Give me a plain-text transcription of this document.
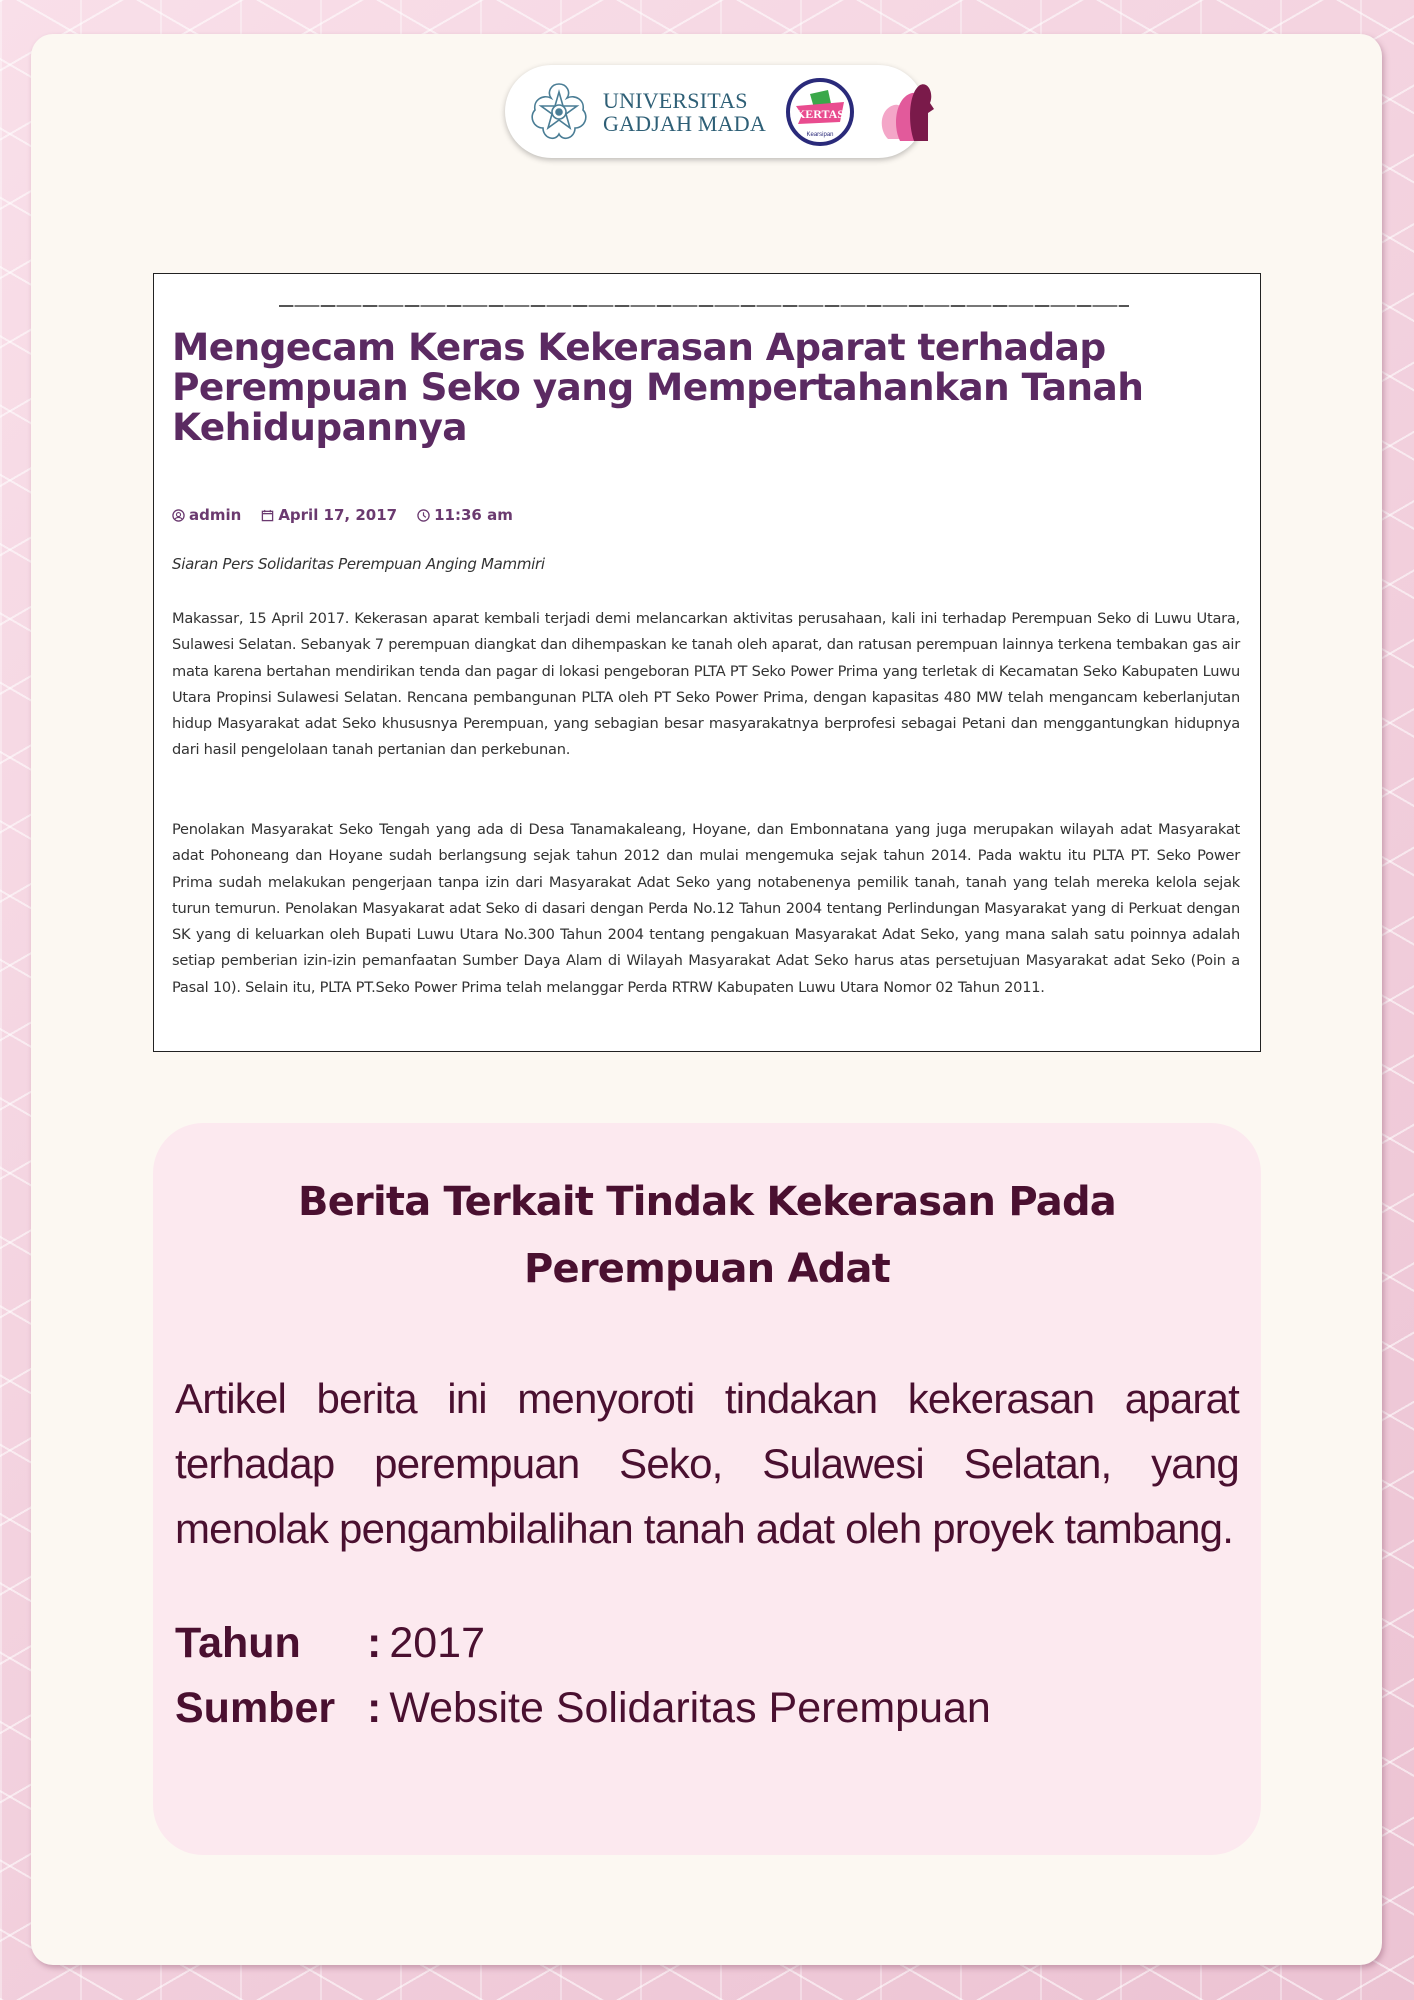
UNIVERSITAS
GADJAH MADA KERTAS
Kearsipan
Mengecam Keras Kekerasan Aparat terhadap Perempuan Seko yang Mempertahankan Tanah Kehidupannya
admin April 17, 2017 11:36 am

Siaran Pers Solidaritas Perempuan Anging Mammiri

Makassar, 15 April 2017. Kekerasan aparat kembali terjadi demi melancarkan aktivitas perusahaan, kali ini terhadap Perempuan Seko di Luwu Utara, Sulawesi Selatan. Sebanyak 7 perempuan diangkat dan dihempaskan ke tanah oleh aparat, dan ratusan perempuan lainnya terkena tembakan gas air mata karena bertahan mendirikan tenda dan pagar di lokasi pengeboran PLTA PT Seko Power Prima yang terletak di Kecamatan Seko Kabupaten Luwu Utara Propinsi Sulawesi Selatan. Rencana pembangunan PLTA oleh PT Seko Power Prima, dengan kapasitas 480 MW telah mengancam keberlanjutan hidup Masyarakat adat Seko khususnya Perempuan, yang sebagian besar masyarakatnya berprofesi sebagai Petani dan menggantungkan hidupnya dari hasil pengelolaan tanah pertanian dan perkebunan.

Penolakan Masyarakat Seko Tengah yang ada di Desa Tanamakaleang, Hoyane, dan Embonnatana yang juga merupakan wilayah adat Masyarakat adat Pohoneang dan Hoyane sudah berlangsung sejak tahun 2012 dan mulai mengemuka sejak tahun 2014. Pada waktu itu PLTA PT. Seko Power Prima sudah melakukan pengerjaan tanpa izin dari Masyarakat Adat Seko yang notabenenya pemilik tanah, tanah yang telah mereka kelola sejak turun temurun. Penolakan Masyakarat adat Seko di dasari dengan Perda No.12 Tahun 2004 tentang Perlindungan Masyarakat yang di Perkuat dengan SK yang di keluarkan oleh Bupati Luwu Utara No.300 Tahun 2004 tentang pengakuan Masyarakat Adat Seko, yang mana salah satu poinnya adalah setiap pemberian izin-izin pemanfaatan Sumber Daya Alam di Wilayah Masyarakat Adat Seko harus atas persetujuan Masyarakat adat Seko (Poin a Pasal 10). Selain itu, PLTA PT.Seko Power Prima telah melanggar Perda RTRW Kabupaten Luwu Utara Nomor 02 Tahun 2011.

Berita Terkait Tindak Kekerasan Pada Perempuan Adat

Artikel berita ini menyoroti tindakan kekerasan aparat terhadap perempuan Seko, Sulawesi Selatan, yang menolak pengambilalihan tanah adat oleh proyek tambang.

Tahun	: 2017
Sumber : Website Solidaritas Perempuan
